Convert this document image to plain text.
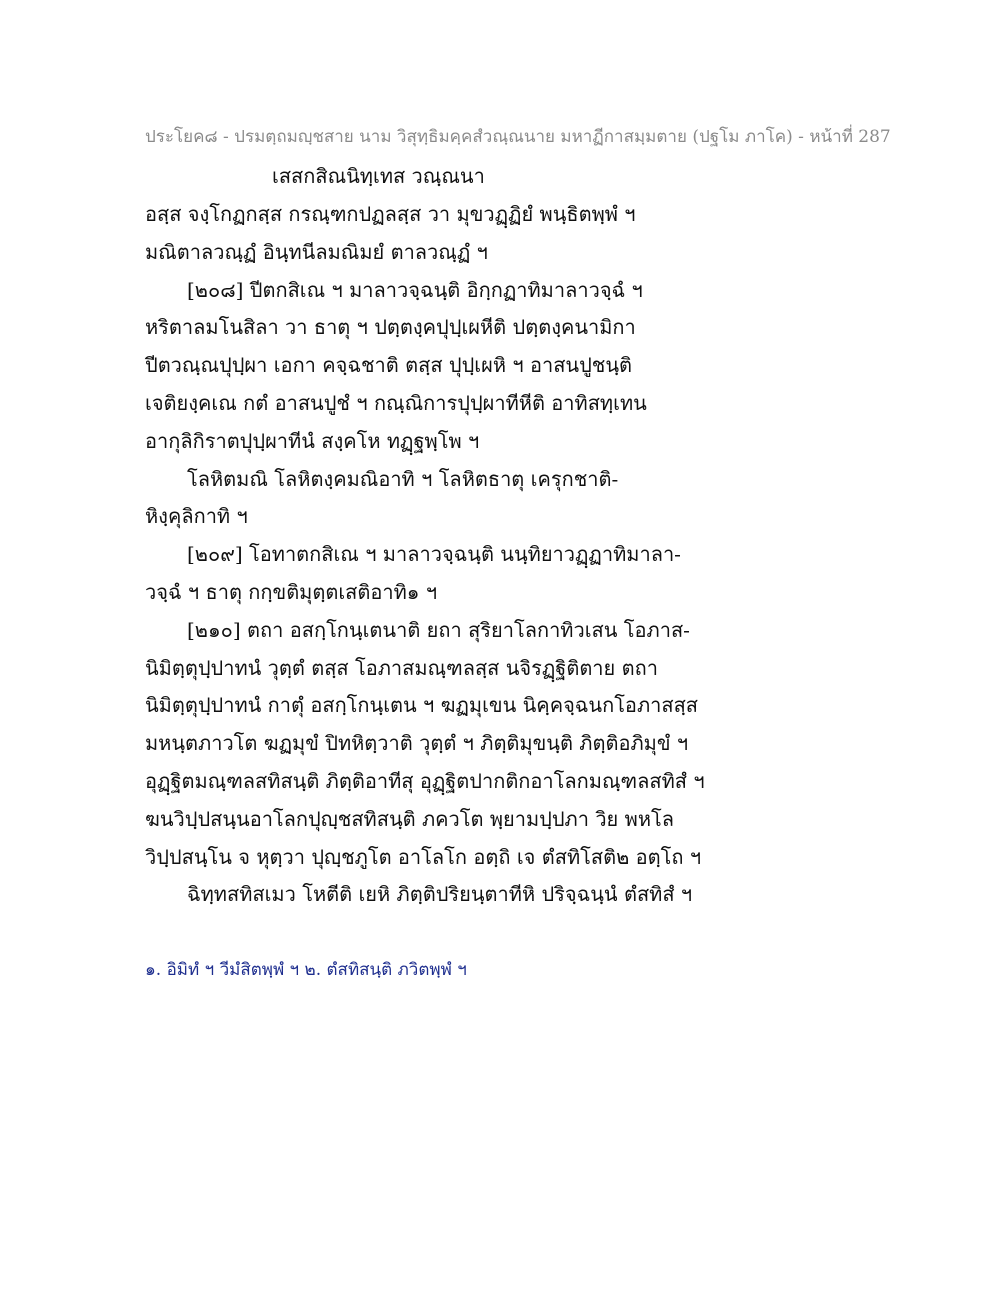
ประโยค๘ - ปรมตฺถมญฺชสาย นาม วิสุทฺธิมคฺคสํวณฺณนาย มหาฏีกาสมฺมตาย (ปฐโม ภาโค) - หน้าที่ 287
เสสกสิณนิทฺเทส วณฺณนา
อสฺส จงฺโกฏกสฺส กรณฺฑกปฏลสฺส วา มุขวฏฺฏิยํ พนฺธิตพฺพํ ฯ
มณิตาลวณฺฏํ อินฺทนีลมณิมยํ ตาลวณฺฏํ ฯ
[๒๐๘] ปีตกสิเณ ฯ มาลาวจฺฉนฺติ อิกฺกฏาทิมาลาวจฺฉํ ฯ
หริตาลมโนสิลา วา ธาตุ ฯ ปตฺตงฺคปุปฺเผหีติ ปตฺตงฺคนามิกา
ปีตวณฺณปุปฺผา เอกา คจฺฉชาติ ตสฺส ปุปฺเผหิ ฯ อาสนปูชนฺติ
เจติยงฺคเณ กตํ อาสนปูชํ ฯ กณฺณิการปุปฺผาทีหีติ อาทิสทฺเทน
อากุลิกิราตปุปฺผาทีนํ สงฺคโห ทฏฺฐพฺโพ ฯ
โลหิตมณิ โลหิตงฺคมณิอาทิ ฯ โลหิตธาตุ เครุกชาติ-
หิงฺคุลิกาทิ ฯ
[๒๐๙] โอทาตกสิเณ ฯ มาลาวจฺฉนฺติ นนฺทิยาวฏฺฏาทิมาลา-
วจฺฉํ ฯ ธาตุ กกฺขติมุตฺตเสติอาทิ๑ ฯ
[๒๑๐] ตถา อสกฺโกนฺเตนาติ ยถา สุริยาโลกาทิวเสน โอภาส-
นิมิตฺตุปฺปาทนํ วุตฺตํ ตสฺส โอภาสมณฺฑลสฺส นจิรฏฺฐิติตาย ตถา
นิมิตฺตุปฺปาทนํ กาตุํ อสกฺโกนฺเตน ฯ ฆฏมุเขน นิคฺคจฺฉนกโอภาสสฺส
มหนฺตภาวโต ฆฏมุขํ ปิทหิตฺวาติ วุตฺตํ ฯ ภิตฺติมุขนฺติ ภิตฺติอภิมุขํ ฯ
อุฏฺฐิตมณฺฑลสทิสนฺติ ภิตฺติอาทีสุ อุฏฺฐิตปากติกอาโลกมณฺฑลสทิสํ ฯ
ฆนวิปฺปสนฺนอาโลกปุญฺชสทิสนฺติ ภควโต พฺยามปฺปภา วิย พหโล
วิปฺปสนฺโน จ หุตฺวา ปุญฺชภูโต อาโลโก อตฺถิ เจ ตํสทิโสติ๒ อตฺโถ ฯ
ฉิทฺทสทิสเมว โหตีติ เยหิ ภิตฺติปริยนฺตาทีหิ ปริจฺฉนฺนํ ตํสทิสํ ฯ
๑. อิมิทํ ฯ วีมํสิตพฺพํ ฯ ๒. ตํสทิสนฺติ ภวิตพฺพํ ฯ
